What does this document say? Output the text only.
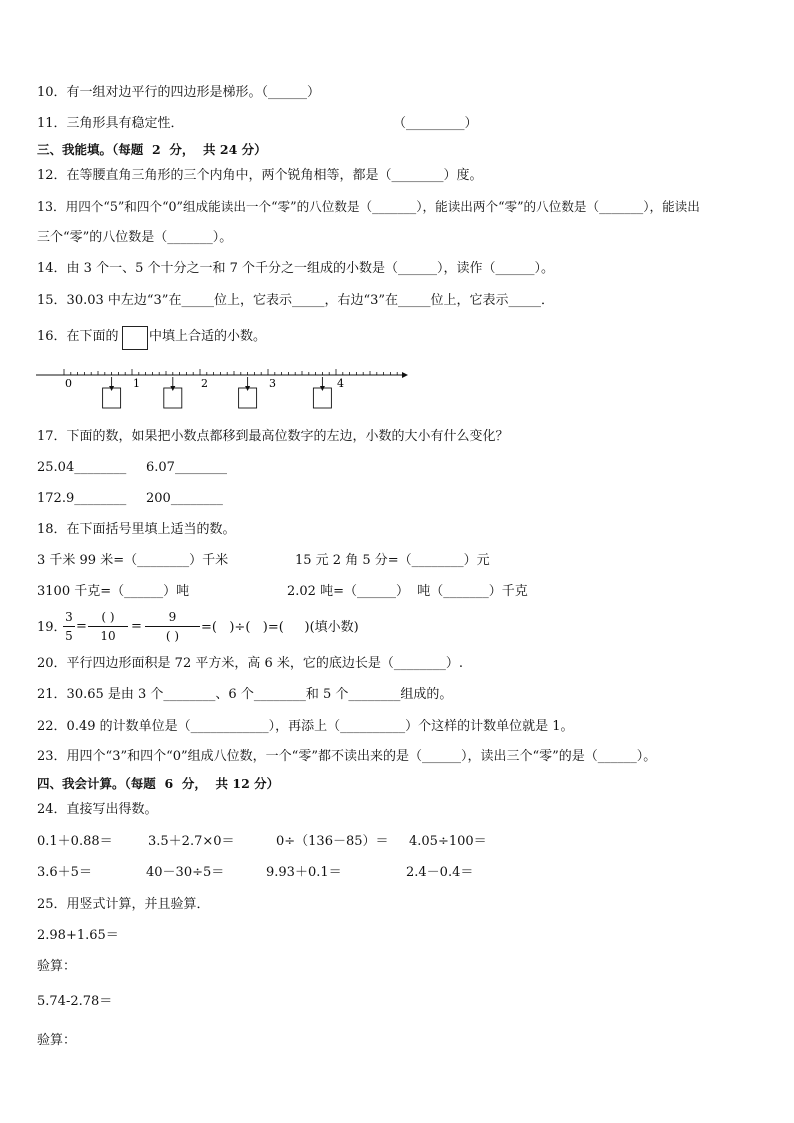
10．有一组对边平行的四边形是梯形。（______）
11．三角形具有稳定性．	（_________）
三、我能填。（每题  2  分，  共 24 分）
12．在等腰直角三角形的三个内角中，两个锐角相等，都是（________）度。
13．用四个“5”和四个“0”组成能读出一个“零”的八位数是（_______），能读出两个“零”的八位数是（_______），能读出
三个“零”的八位数是（_______）。
14．由 3 个一、5 个十分之一和 7 个千分之一组成的小数是（______），读作（______）。
15．30.03 中左边“3”在_____位上，它表示_____，右边“3”在_____位上，它表示_____．
16．在下面的 中填上合适的小数。
0	1	2	3	4
17．下面的数，如果把小数点都移到最高位数字的左边，小数的大小有什么变化？
25.04________ 6.07________
172.9________ 200________
18．在下面括号里填上适当的数。
3 千米 99 米=（________）千米	15 元 2 角 5 分=（________）元
3100 千克=（______）吨	2.02 吨=（______）  吨（_______）千克
19．
3
5
=
( )
10
=
9
( )
=(   )÷(   )=(     )(填小数)
20．平行四边形面积是 72 平方米，高 6 米，它的底边长是（________）.
21．30.65 是由 3 个________、6 个________和 5 个________组成的。
22．0.49 的计数单位是（____________），再添上（__________）个这样的计数单位就是 1。
23．用四个“3”和四个“0”组成八位数，一个“零”都不读出来的是（______），读出三个“零”的是（______）。
四、我会计算。（每题  6  分，  共 12 分）
24．直接写出得数。
0.1＋0.88＝	3.5＋2.7×0＝	0÷（136－85）＝ 4.05÷100＝
3.6＋5＝	40－30÷5＝	9.93＋0.1＝	2.4－0.4＝
25．用竖式计算，并且验算．
2.98+1.65＝
验算：
5.74-2.78＝
验算：
